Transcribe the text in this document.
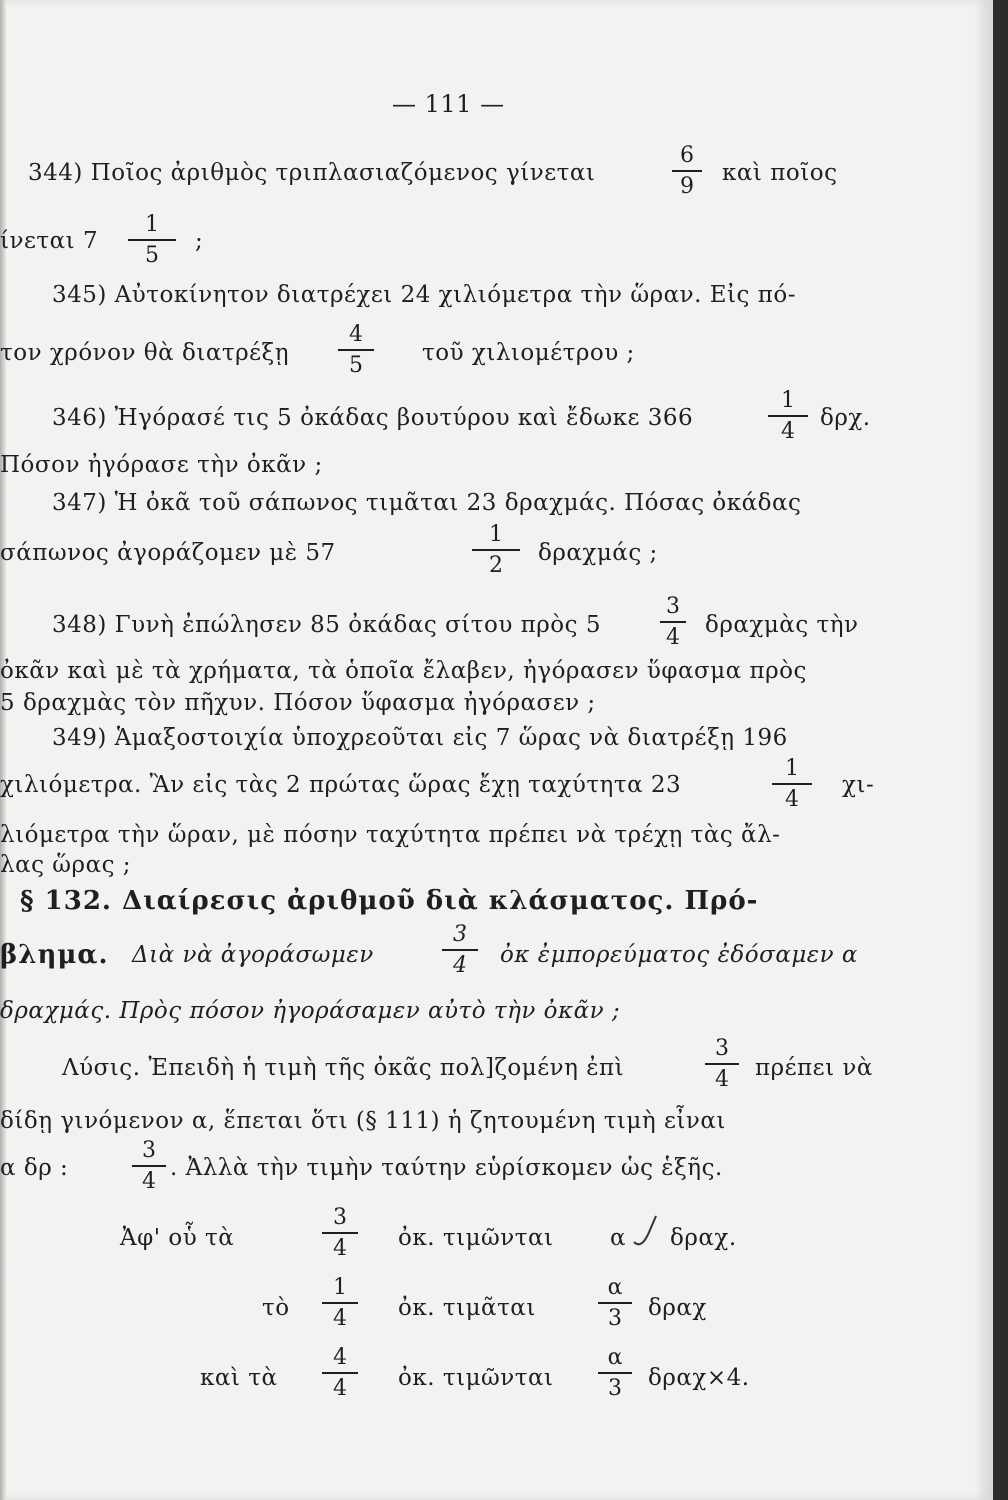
— 111 —
344) Ποῖος ἀριθμὸς τριπλασιαζόμενος γίνεται
6
9
καὶ ποῖος
ίνεται 7
1
5
;
345) Αὐτοκίνητον διατρέχει 24 χιλιόμετρα τὴν ὥραν. Εἰς πό-
τον χρόνον θὰ διατρέξῃ
4
5	τοῦ χιλιομέτρου ;
346) Ἠγόρασέ τις 5 ὀκάδας βουτύρου καὶ ἔδωκε 366
1
4
δρχ.
Πόσον ἠγόρασε τὴν ὀκᾶν ;
347) Ἡ ὀκᾶ τοῦ σάπωνος τιμᾶται 23 δραχμάς. Πόσας ὀκάδας
σάπωνος ἀγοράζομεν μὲ 57
1
2 δραχμάς ;
348) Γυνὴ ἐπώλησεν 85 ὀκάδας σίτου πρὸς 5
3
4 δραχμὰς τὴν
ὀκᾶν καὶ μὲ τὰ χρήματα, τὰ ὁποῖα ἔλαβεν, ἠγόρασεν ὕφασμα πρὸς
5 δραχμὰς τὸν πῆχυν. Πόσον ὕφασμα ἠγόρασεν ;
349) Ἁμαξοστοιχία ὑποχρεοῦται εἰς 7 ὥρας νὰ διατρέξῃ 196
χιλιόμετρα. Ἂν εἰς τὰς 2 πρώτας ὥρας ἔχῃ ταχύτητα 23
1
4
χι-
λιόμετρα τὴν ὥραν, μὲ πόσην ταχύτητα πρέπει νὰ τρέχῃ τὰς ἄλ-
λας ὥρας ;
§ 132. Διαίρεσις ἀριθμοῦ διὰ κλάσματος. Πρό-
βλημα. Διὰ νὰ ἀγοράσωμεν
3
4 ὀκ ἐμπορεύματος ἐδόσαμεν α
δραχμάς. Πρὸς πόσον ἠγοράσαμεν αὐτὸ τὴν ὀκᾶν ;
Λύσις. Ἐπειδὴ ἡ τιμὴ τῆς ὀκᾶς πολ]ζομένη ἐπὶ
3
4 πρέπει νὰ
δίδῃ γινόμενον α, ἕπεται ὅτι (§ 111) ἡ ζητουμένη τιμὴ εἶναι
α δρ :
3
4
. Ἀλλὰ τὴν τιμὴν ταύτην εὑρίσκομεν ὡς ἑξῆς.
Ἀφ' οὗ τὰ
3
4 ὀκ. τιμῶνται α δραχ.
τὸ
1
4 ὀκ. τιμᾶται
α
3 δραχ
καὶ τὰ
4
4 ὀκ. τιμῶνται
α
3 δραχ×4.
